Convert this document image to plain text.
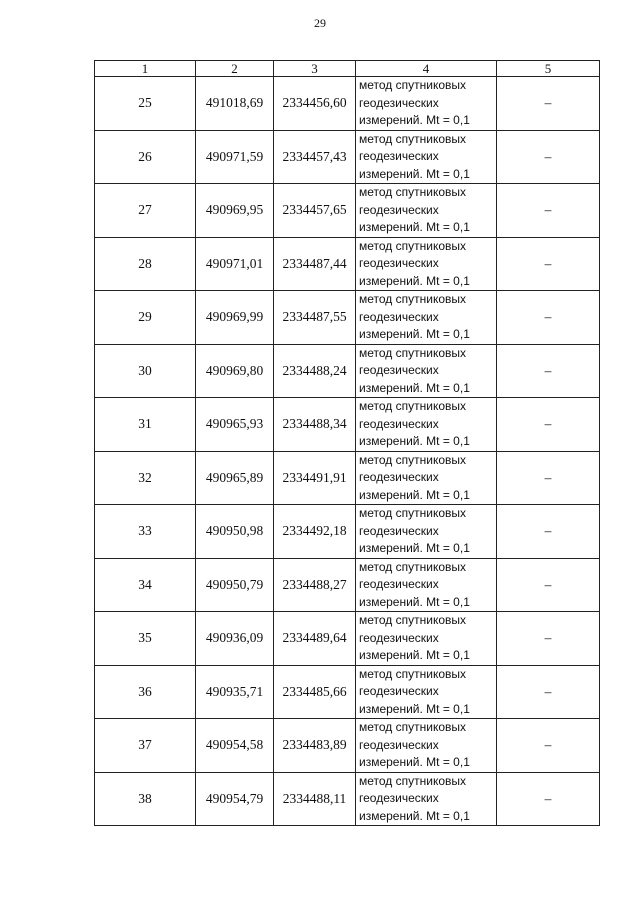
29
1	2	3	4	5
25	491018,69	2334456,60	метод спутниковых
геодезических
измерений. Mt = 0,1	–
26	490971,59	2334457,43	метод спутниковых
геодезических
измерений. Mt = 0,1	–
27	490969,95	2334457,65	метод спутниковых
геодезических
измерений. Mt = 0,1	–
28	490971,01	2334487,44	метод спутниковых
геодезических
измерений. Mt = 0,1	–
29	490969,99	2334487,55	метод спутниковых
геодезических
измерений. Mt = 0,1	–
30	490969,80	2334488,24	метод спутниковых
геодезических
измерений. Mt = 0,1	–
31	490965,93	2334488,34	метод спутниковых
геодезических
измерений. Mt = 0,1	–
32	490965,89	2334491,91	метод спутниковых
геодезических
измерений. Mt = 0,1	–
33	490950,98	2334492,18	метод спутниковых
геодезических
измерений. Mt = 0,1	–
34	490950,79	2334488,27	метод спутниковых
геодезических
измерений. Mt = 0,1	–
35	490936,09	2334489,64	метод спутниковых
геодезических
измерений. Mt = 0,1	–
36	490935,71	2334485,66	метод спутниковых
геодезических
измерений. Mt = 0,1	–
37	490954,58	2334483,89	метод спутниковых
геодезических
измерений. Mt = 0,1	–
38	490954,79	2334488,11	метод спутниковых
геодезических
измерений. Mt = 0,1	–
